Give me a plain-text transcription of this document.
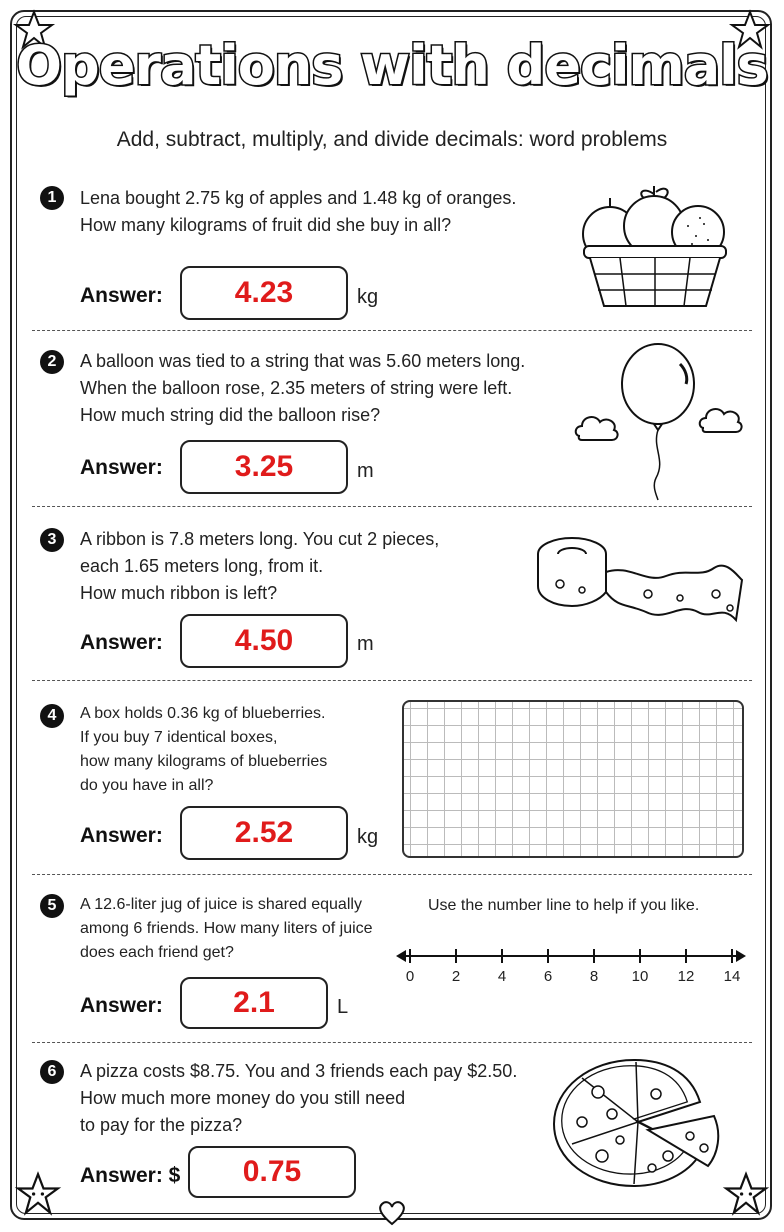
Operations with decimals
Add, subtract, multiply, and divide decimals: word problems
1	Lena bought 2.75 kg of apples and 1.48 kg of oranges.
How many kilograms of fruit did she buy in all?
Answer:	4.23	kg
2	A balloon was tied to a string that was 5.60 meters long.
When the balloon rose, 2.35 meters of string were left.
How much string did the balloon rise?
Answer:	3.25	m
3	A ribbon is 7.8 meters long. You cut 2 pieces,
each 1.65 meters long, from it.
How much ribbon is left?
Answer:	4.50	m
4	A box holds 0.36 kg of blueberries.
If you buy 7 identical boxes,
how many kilograms of blueberries
do you have in all?
Answer:	2.52	kg
5	A 12.6-liter jug of juice is shared equally
among 6 friends. How many liters of juice
does each friend get?
Answer:	2.1	L
Use the number line to help if you like.
0	2	4	6	8	10	12	14
6	A pizza costs $8.75. You and 3 friends each pay $2.50.
How much more money do you still need
to pay for the pizza?
Answer: $	0.75
